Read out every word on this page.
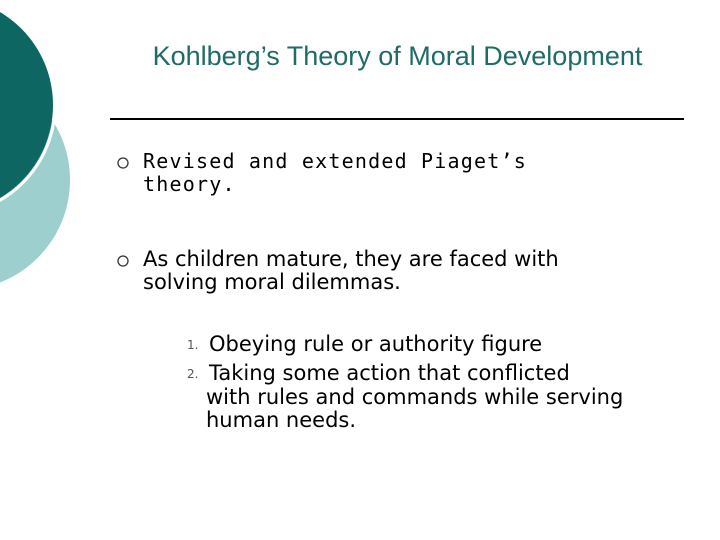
Kohlberg’s Theory of Moral Development
Revised and extended Piaget’s
theory.
As children mature, they are faced with
solving moral dilemmas.
1. Obeying rule or authority figure
2. Taking some action that conflicted
with rules and commands while serving
human needs.
